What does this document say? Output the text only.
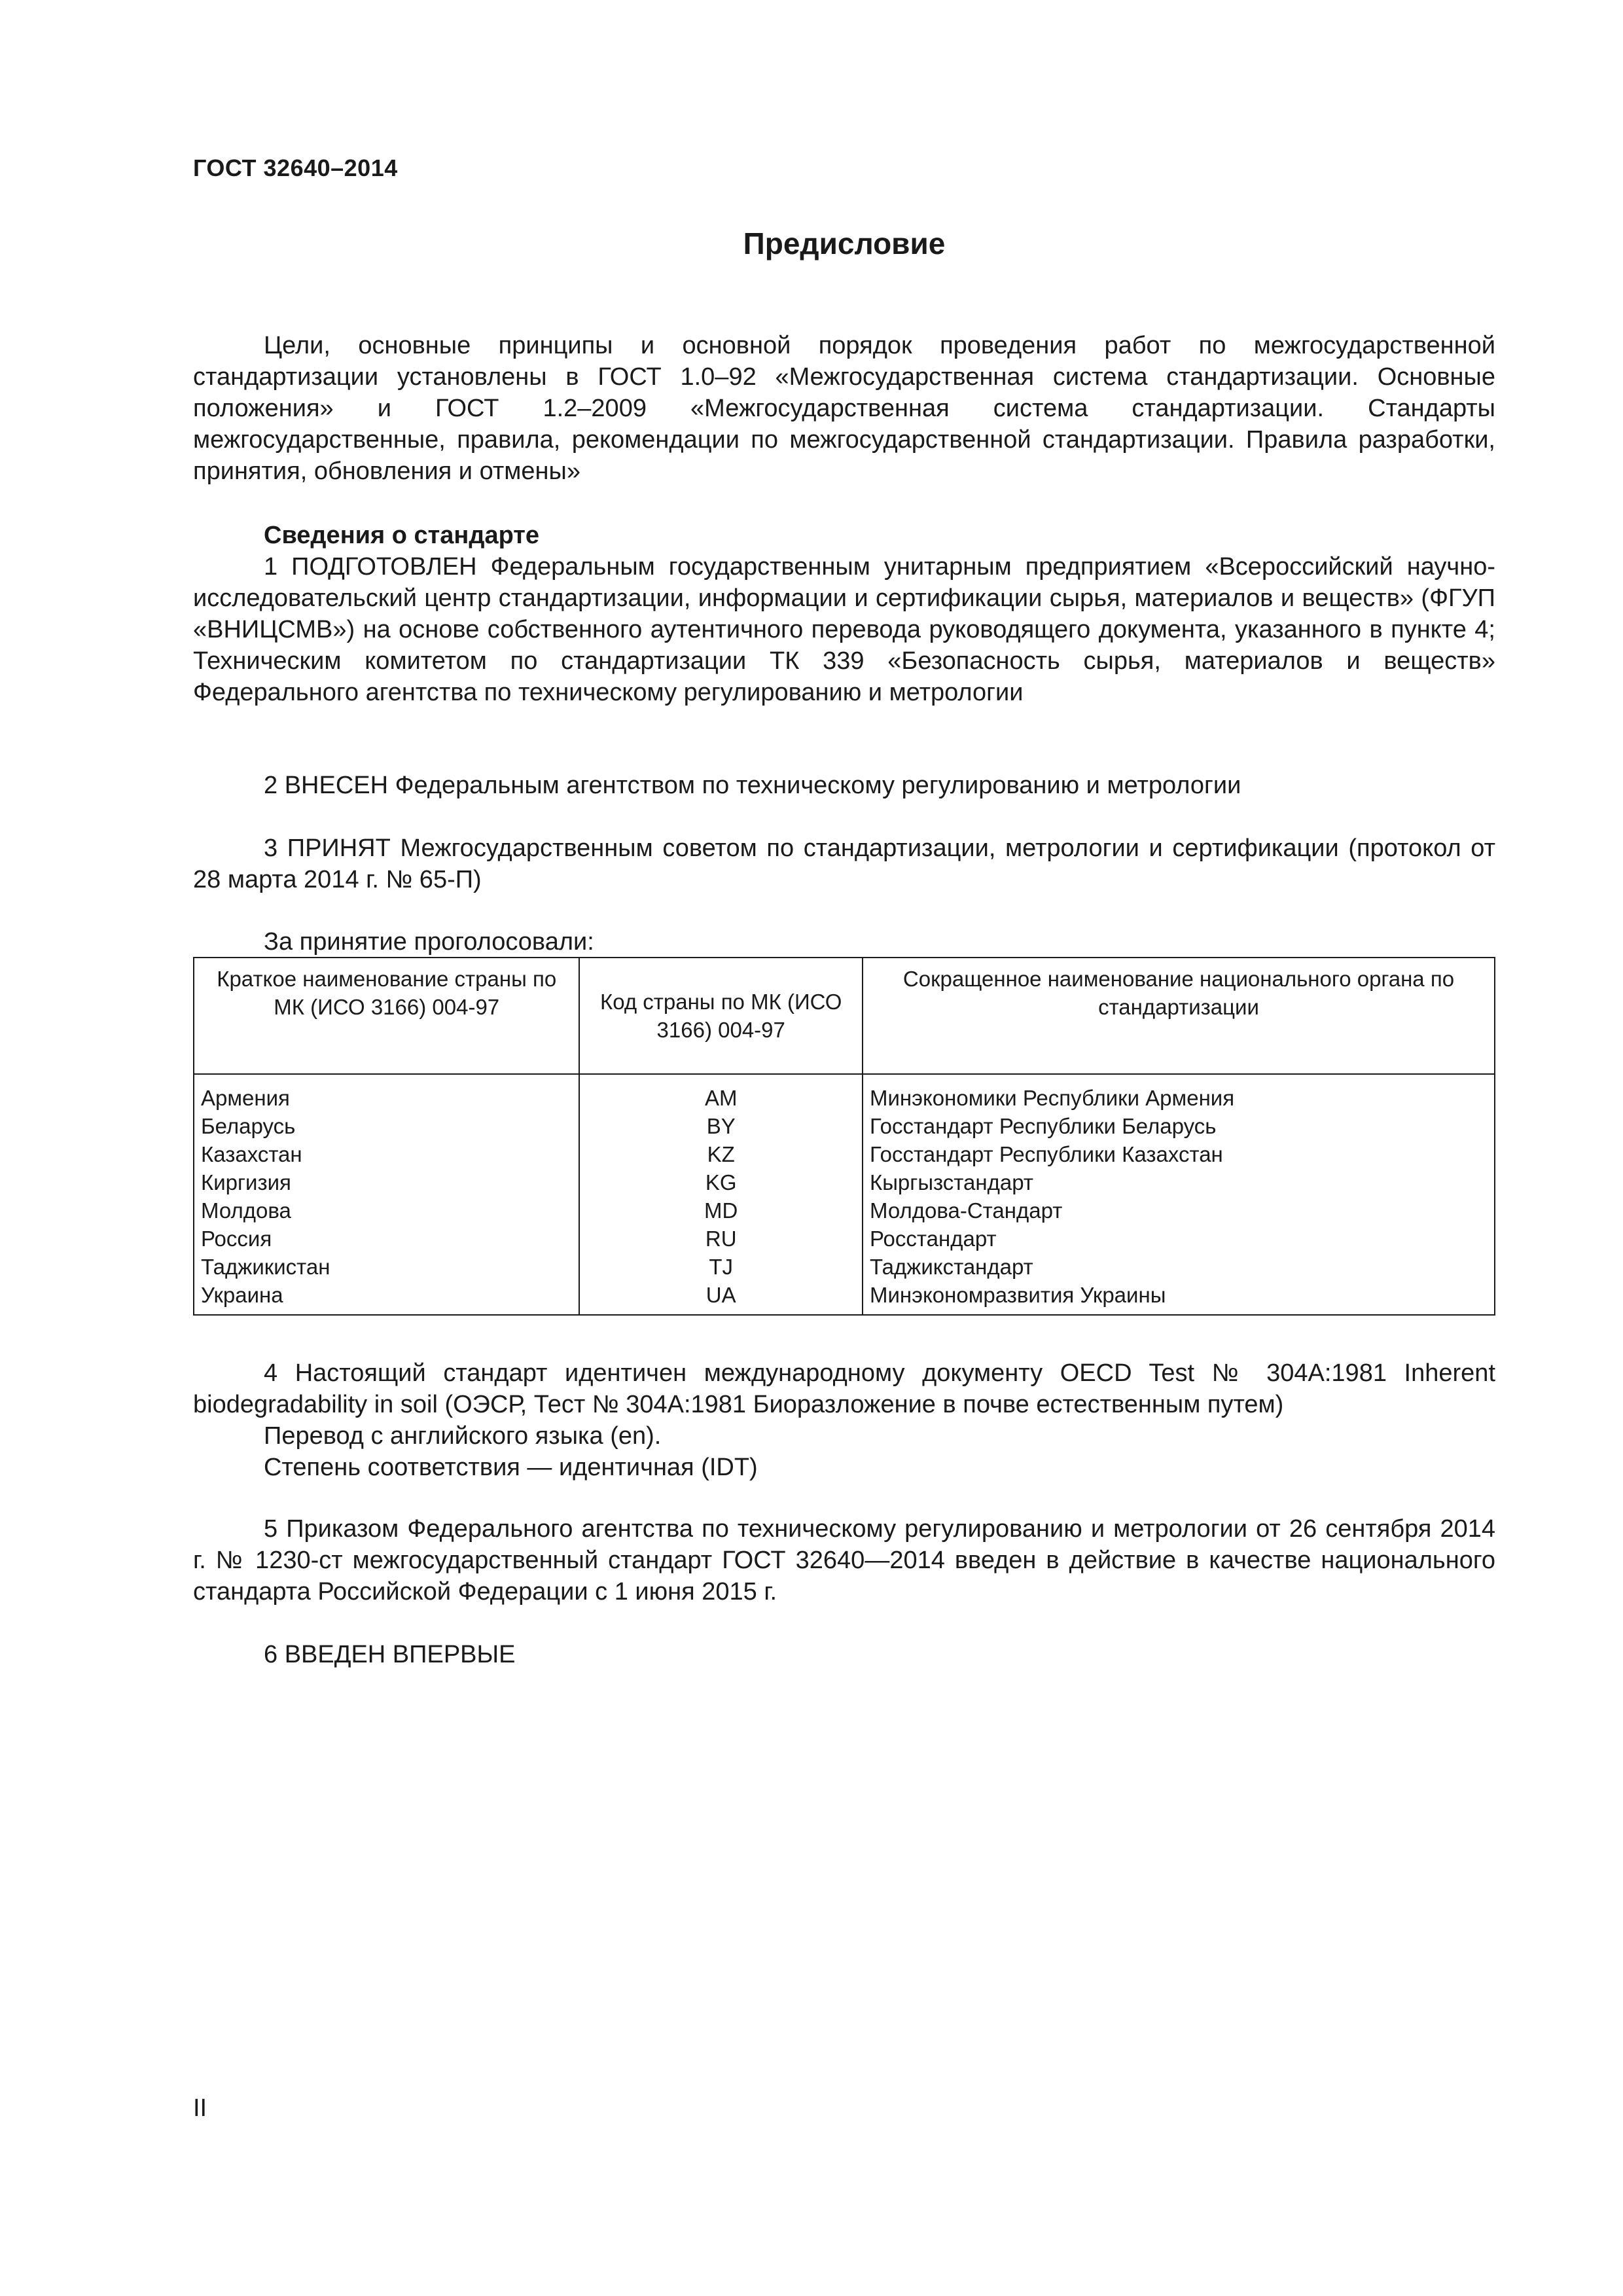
ГОСТ 32640–2014
Предисловие

Цели, основные принципы и основной порядок проведения работ по межгосударственной стандартизации установлены в ГОСТ 1.0–92 «Межгосударственная система стандартизации. Основные положения» и ГОСТ 1.2–2009 «Межгосударственная система стандартизации. Стандарты межгосударственные, правила, рекомендации по межгосударственной стандартизации. Правила разработки, принятия, обновления и отмены»

Сведения о стандарте

1 ПОДГОТОВЛЕН Федеральным государственным унитарным предприятием «Всероссийский научно-исследовательский центр стандартизации, информации и сертификации сырья, материалов и веществ» (ФГУП «ВНИЦСМВ») на основе собственного аутентичного перевода руководящего документа, указанного в пункте 4; Техническим комитетом по стандартизации ТК 339 «Безопасность сырья, материалов и веществ» Федерального агентства по техническому регулированию и метрологии

2 ВНЕСЕН Федеральным агентством по техническому регулированию и метрологии

3 ПРИНЯТ Межгосударственным советом по стандартизации, метрологии и сертификации (протокол от 28 марта 2014 г. № 65-П)

За принятие проголосовали:
Краткое наименование страны по МК (ИСО 3166) 004-97	Код страны по МК (ИСО 3166) 004-97	Сокращенное наименование национального органа по стандартизации
Армения	AM	Минэкономики Республики Армения
Беларусь	BY	Госстандарт Республики Беларусь
Казахстан	KZ	Госстандарт Республики Казахстан
Киргизия	KG	Кыргызстандарт
Молдова	MD	Молдова-Стандарт
Россия	RU	Росстандарт
Таджикистан	TJ	Таджикстандарт
Украина	UA	Минэкономразвития Украины

4 Настоящий стандарт идентичен международному документу OECD Test № 304A:1981 Inherent biodegradability in soil (ОЭСР, Тест № 304A:1981 Биоразложение в почве естественным путем)

Перевод с английского языка (en).
Степень соответствия — идентичная (IDT)

5 Приказом Федерального агентства по техническому регулированию и метрологии от 26 сентября 2014 г. № 1230-ст межгосударственный стандарт ГОСТ 32640—2014 введен в действие в качестве национального стандарта Российской Федерации с 1 июня 2015 г.

6 ВВЕДЕН ВПЕРВЫЕ
II
